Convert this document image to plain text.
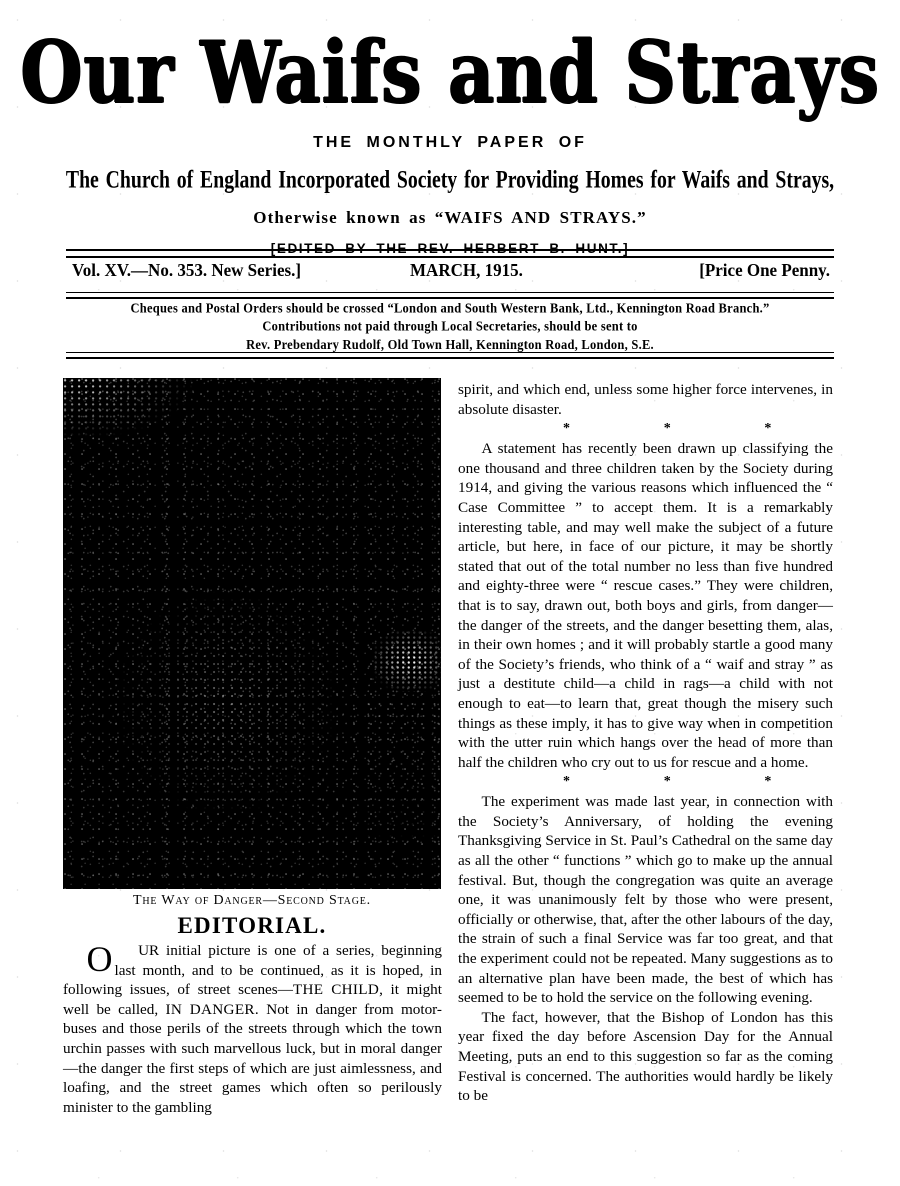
Our Waifs and Strays
THE MONTHLY PAPER OF
The Church of England Incorporated Society for Providing Homes for Waifs and Strays,
Otherwise known as “WAIFS AND STRAYS.”
[EDITED BY THE REV. HERBERT B. HUNT.]
Vol. XV.—No. 353. New Series.]	MARCH, 1915.	[Price One Penny.
Cheques and Postal Orders should be crossed “London and South Western Bank, Ltd., Kennington Road Branch.”
Contributions not paid through Local Secretaries, should be sent to
Rev. Prebendary Rudolf, Old Town Hall, Kennington Road, London, S.E.
The Way of Danger—Second Stage.
EDITORIAL.

O UR initial picture is one of a series, beginning last month, and to be continued, as it is hoped, in following issues, of street scenes—THE CHILD, it might well be called, IN DANGER. Not in danger from motor-buses and those perils of the streets through which the town urchin passes with such marvellous luck, but in moral danger—the danger the first steps of which are just aimlessness, and loafing, and the street games which often so perilously minister to the gambling

spirit, and which end, unless some higher force intervenes, in absolute disaster.

*	*	*

A statement has recently been drawn up classifying the one thousand and three children taken by the Society during 1914, and giving the various reasons which influenced the “ Case Committee ” to accept them. It is a remarkably interesting table, and may well make the subject of a future article, but here, in face of our picture, it may be shortly stated that out of the total number no less than five hundred and eighty-three were “ rescue cases.” They were children, that is to say, drawn out, both boys and girls, from danger—the danger of the streets, and the danger besetting them, alas, in their own homes ; and it will probably startle a good many of the Society’s friends, who think of a “ waif and stray ” as just a destitute child—a child in rags—a child with not enough to eat—to learn that, great though the misery such things as these imply, it has to give way when in competition with the utter ruin which hangs over the head of more than half the children who cry out to us for rescue and a home.

*	*	*

The experiment was made last year, in connection with the Society’s Anniversary, of holding the evening Thanksgiving Service in St. Paul’s Cathedral on the same day as all the other “ functions ” which go to make up the annual festival. But, though the congregation was quite an average one, it was unanimously felt by those who were present, officially or otherwise, that, after the other labours of the day, the strain of such a final Service was far too great, and that the experiment could not be repeated. Many suggestions as to an alternative plan have been made, the best of which has seemed to be to hold the service on the following evening.

The fact, however, that the Bishop of London has this year fixed the day before Ascension Day for the Annual Meeting, puts an end to this suggestion so far as the coming Festival is concerned. The authorities would hardly be likely to be
